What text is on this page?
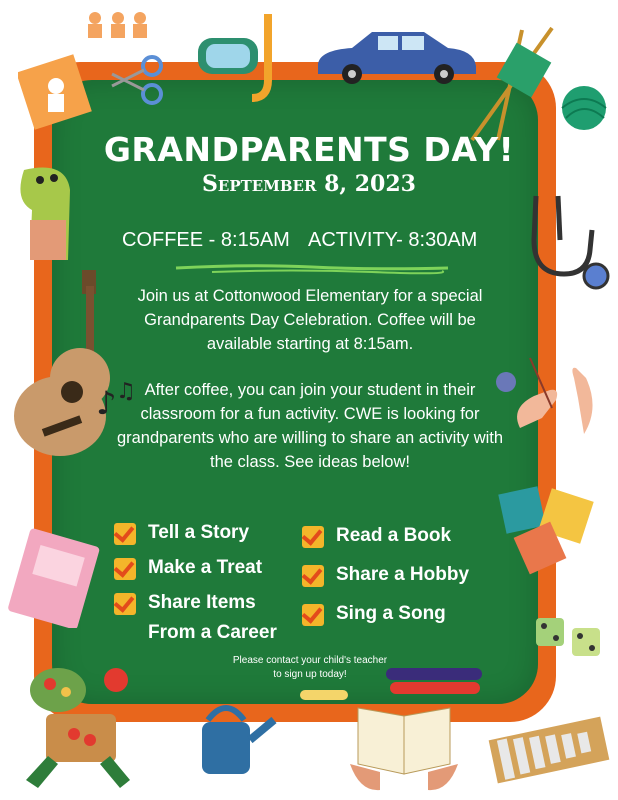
♪ ♫
GRANDPARENTS DAY!
September 8, 2023
COFFEE - 8:15AM ACTIVITY- 8:30AM
Join us at Cottonwood Elementary for a special Grandparents Day Celebration. Coffee will be available starting at 8:15am.
After coffee, you can join your student in their classroom for a fun activity. CWE is looking for grandparents who are willing to share an activity with the class. See ideas below!
Tell a Story
Make a Treat
Share Items From a Career
Read a Book
Share a Hobby
Sing a Song
Please contact your child's teacher to sign up today!
